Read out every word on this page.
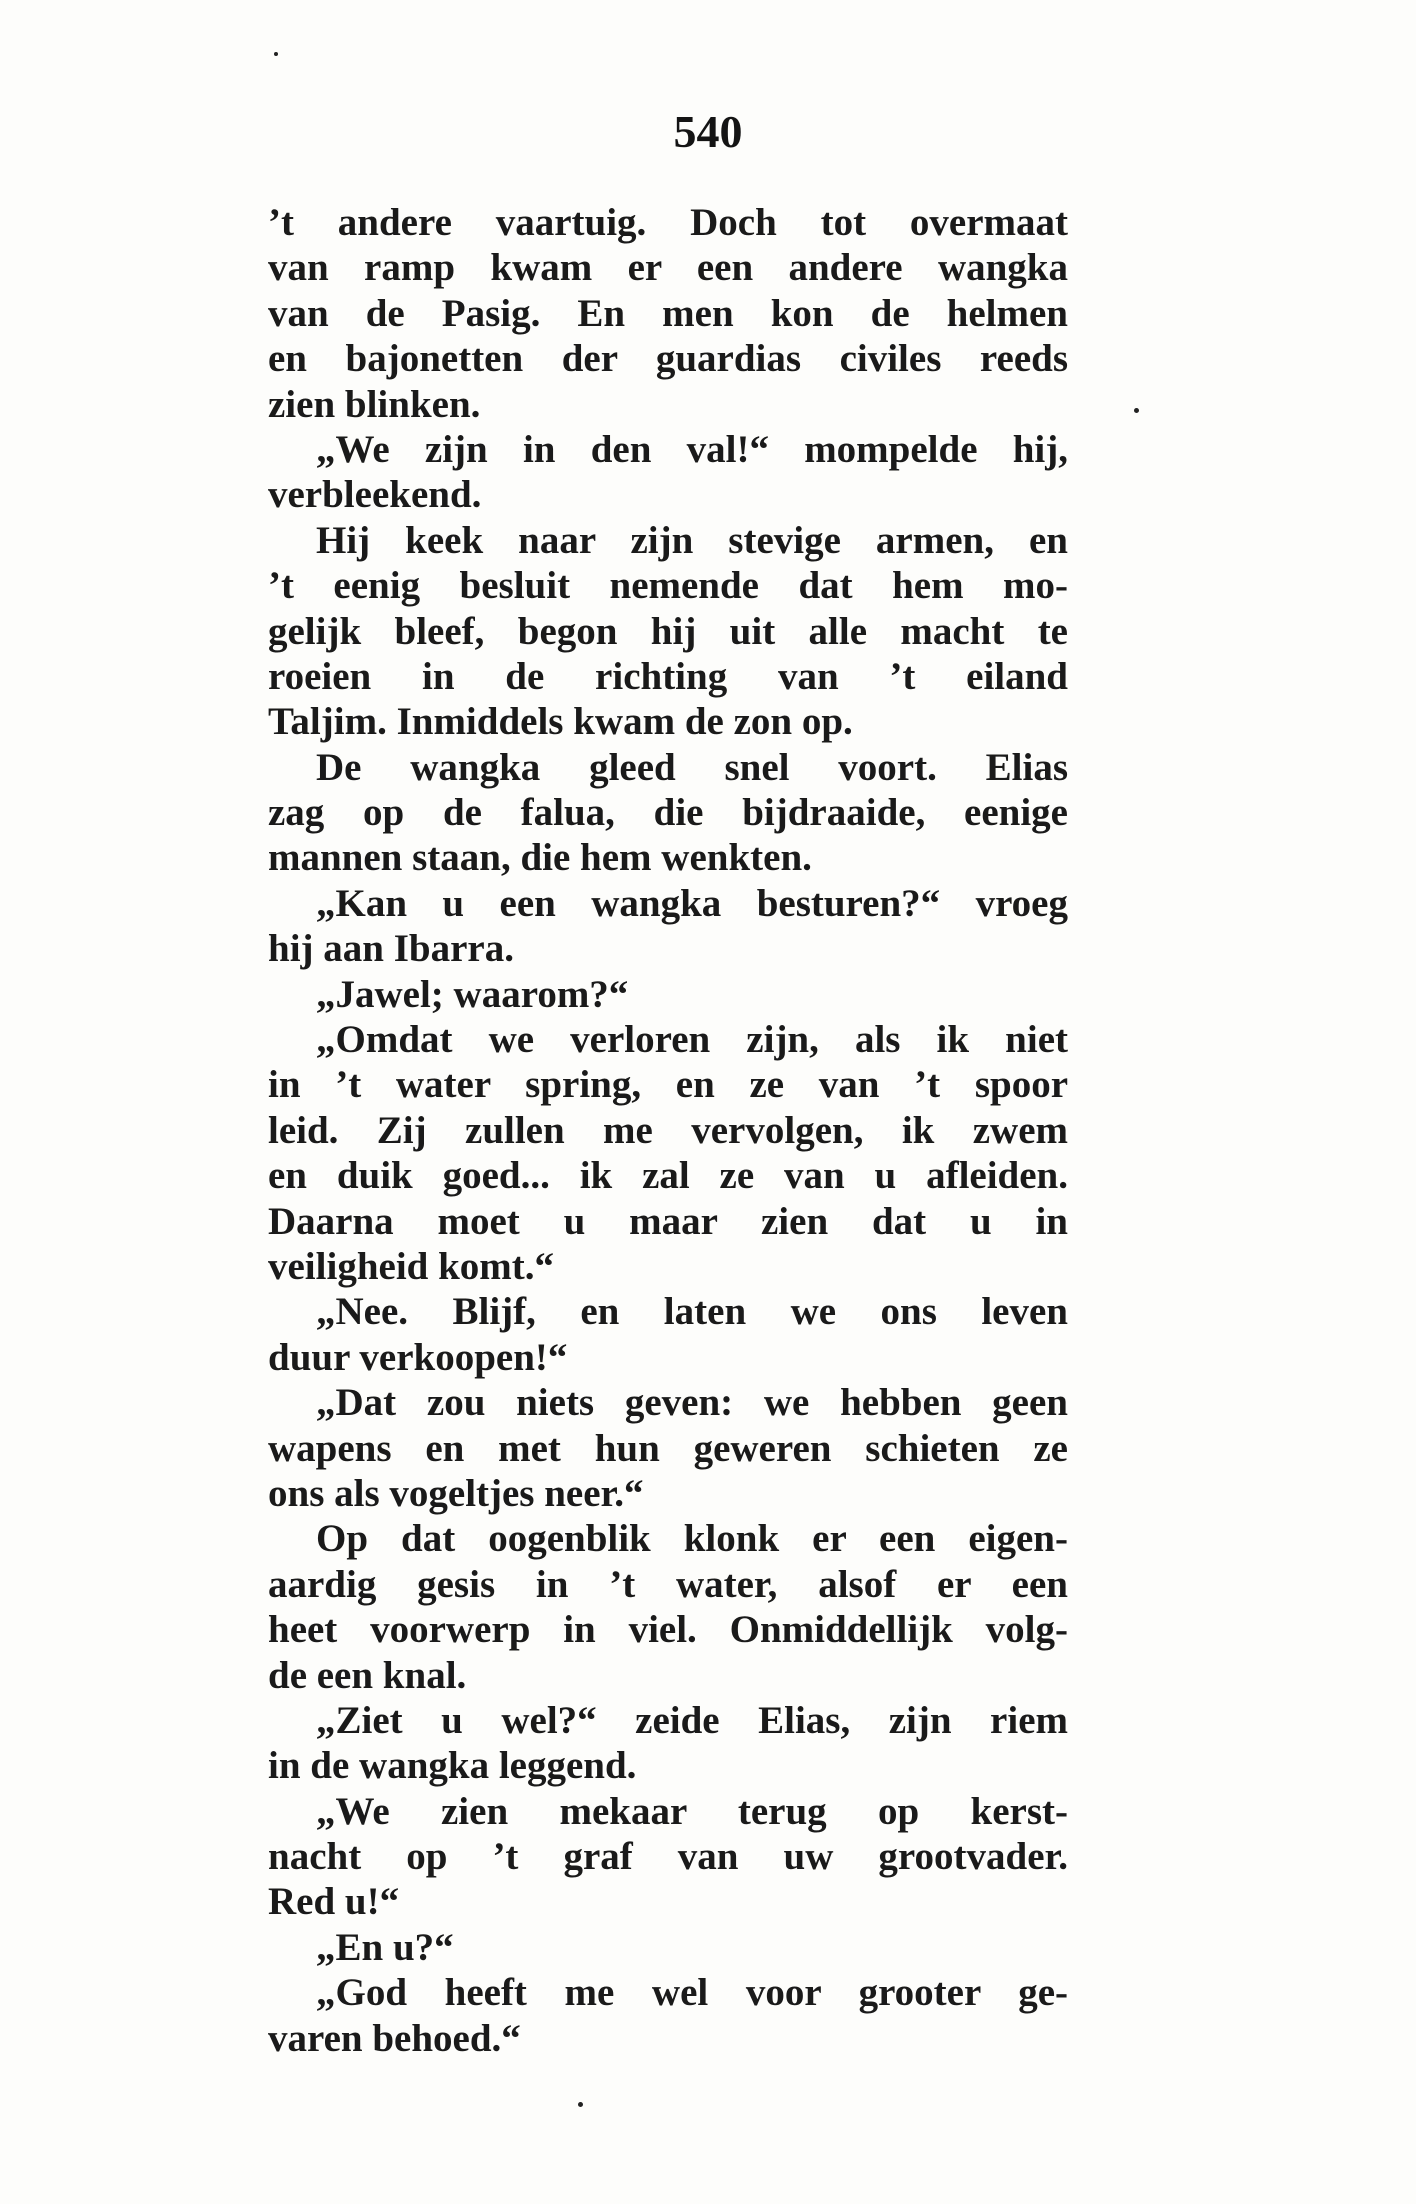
540
’t andere vaartuig. Doch tot overmaat
van ramp kwam er een andere wangka
van de Pasig. En men kon de helmen
en bajonetten der guardias civiles reeds
zien blinken.
„We zijn in den val!“ mompelde hij,
verbleekend.
Hij keek naar zijn stevige armen, en
’t eenig besluit nemende dat hem mo-
gelijk bleef, begon hij uit alle macht te
roeien in de richting van ’t eiland
Taljim. Inmiddels kwam de zon op.
De wangka gleed snel voort. Elias
zag op de falua, die bijdraaide, eenige
mannen staan, die hem wenkten.
„Kan u een wangka besturen?“ vroeg
hij aan Ibarra.
„Jawel; waarom?“
„Omdat we verloren zijn, als ik niet
in ’t water spring, en ze van ’t spoor
leid. Zij zullen me vervolgen, ik zwem
en duik goed... ik zal ze van u afleiden.
Daarna moet u maar zien dat u in
veiligheid komt.“
„Nee. Blijf, en laten we ons leven
duur verkoopen!“
„Dat zou niets geven: we hebben geen
wapens en met hun geweren schieten ze
ons als vogeltjes neer.“
Op dat oogenblik klonk er een eigen-
aardig gesis in ’t water, alsof er een
heet voorwerp in viel. Onmiddellijk volg-
de een knal.
„Ziet u wel?“ zeide Elias, zijn riem
in de wangka leggend.
„We zien mekaar terug op kerst-
nacht op ’t graf van uw grootvader.
Red u!“
„En u?“
„God heeft me wel voor grooter ge-
varen behoed.“
